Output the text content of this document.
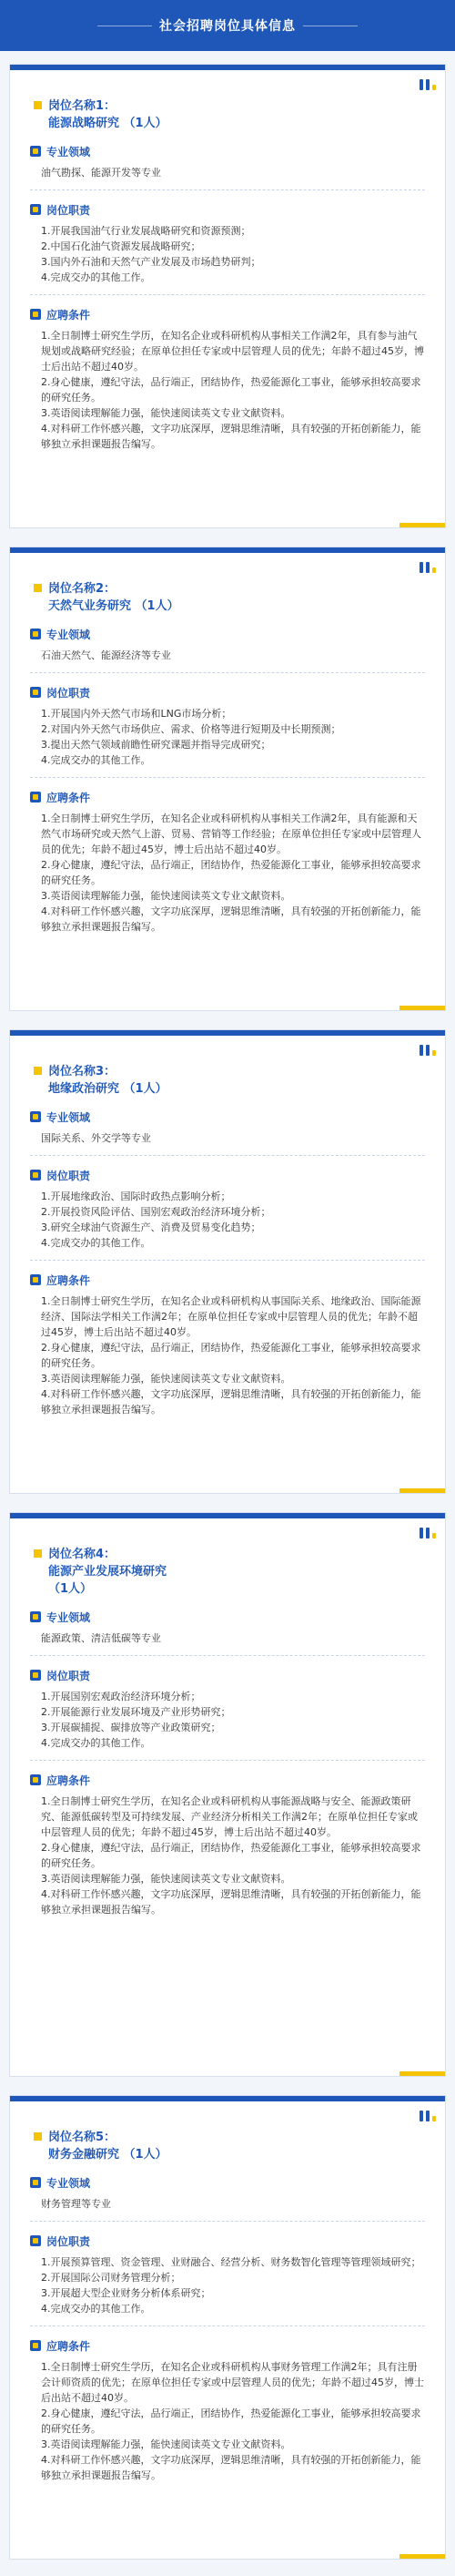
社会招聘岗位具体信息
岗位名称1：
能源战略研究 （1人）
专业领域

油气勘探、能源开发等专业

岗位职责

1.开展我国油气行业发展战略研究和资源预测；

2.中国石化油气资源发展战略研究；

3.国内外石油和天然气产业发展及市场趋势研判；

4.完成交办的其他工作。

应聘条件

1.全日制博士研究生学历，在知名企业或科研机构从事相关工作满2年，具有参与油气规划或战略研究经验；在原单位担任专家或中层管理人员的优先；年龄不超过45岁，博士后出站不超过40岁。

2.身心健康，遵纪守法，品行端正，团结协作，热爱能源化工事业，能够承担较高要求的研究任务。

3.英语阅读理解能力强，能快速阅读英文专业文献资料。

4.对科研工作怀感兴趣，文字功底深厚，逻辑思维清晰，具有较强的开拓创新能力，能够独立承担课题报告编写。

岗位名称2：
天然气业务研究 （1人）
专业领域

石油天然气、能源经济等专业

岗位职责

1.开展国内外天然气市场和LNG市场分析；

2.对国内外天然气市场供应、需求、价格等进行短期及中长期预测；

3.提出天然气领域前瞻性研究课题并指导完成研究；

4.完成交办的其他工作。

应聘条件

1.全日制博士研究生学历，在知名企业或科研机构从事相关工作满2年，具有能源和天然气市场研究或天然气上游、贸易、营销等工作经验；在原单位担任专家或中层管理人员的优先；年龄不超过45岁，博士后出站不超过40岁。

2.身心健康，遵纪守法，品行端正，团结协作，热爱能源化工事业，能够承担较高要求的研究任务。

3.英语阅读理解能力强，能快速阅读英文专业文献资料。

4.对科研工作怀感兴趣，文字功底深厚，逻辑思维清晰，具有较强的开拓创新能力，能够独立承担课题报告编写。

岗位名称3：
地缘政治研究 （1人）
专业领域

国际关系、外交学等专业

岗位职责

1.开展地缘政治、国际时政热点影响分析；

2.开展投资风险评估、国别宏观政治经济环境分析；

3.研究全球油气资源生产、消费及贸易变化趋势；

4.完成交办的其他工作。

应聘条件

1.全日制博士研究生学历，在知名企业或科研机构从事国际关系、地缘政治、国际能源经济、国际法学相关工作满2年；在原单位担任专家或中层管理人员的优先；年龄不超过45岁，博士后出站不超过40岁。

2.身心健康，遵纪守法，品行端正，团结协作，热爱能源化工事业，能够承担较高要求的研究任务。

3.英语阅读理解能力强，能快速阅读英文专业文献资料。

4.对科研工作怀感兴趣，文字功底深厚，逻辑思维清晰，具有较强的开拓创新能力，能够独立承担课题报告编写。

岗位名称4：
能源产业发展环境研究
（1人）
专业领域

能源政策、清洁低碳等专业

岗位职责

1.开展国别宏观政治经济环境分析；

2.开展能源行业发展环境及产业形势研究；

3.开展碳捕捉、碳排放等产业政策研究；

4.完成交办的其他工作。

应聘条件

1.全日制博士研究生学历，在知名企业或科研机构从事能源战略与安全、能源政策研究、能源低碳转型及可持续发展、产业经济分析相关工作满2年；在原单位担任专家或中层管理人员的优先；年龄不超过45岁，博士后出站不超过40岁。

2.身心健康，遵纪守法，品行端正，团结协作，热爱能源化工事业，能够承担较高要求的研究任务。

3.英语阅读理解能力强，能快速阅读英文专业文献资料。

4.对科研工作怀感兴趣，文字功底深厚，逻辑思维清晰，具有较强的开拓创新能力，能够独立承担课题报告编写。

岗位名称5：
财务金融研究 （1人）
专业领域

财务管理等专业

岗位职责

1.开展预算管理、资金管理、业财融合、经营分析、财务数智化管理等管理领域研究；

2.开展国际公司财务管理分析；

3.开展超大型企业财务分析体系研究；

4.完成交办的其他工作。

应聘条件

1.全日制博士研究生学历，在知名企业或科研机构从事财务管理工作满2年；具有注册会计师资质的优先；在原单位担任专家或中层管理人员的优先；年龄不超过45岁，博士后出站不超过40岁。

2.身心健康，遵纪守法，品行端正，团结协作，热爱能源化工事业，能够承担较高要求的研究任务。

3.英语阅读理解能力强，能快速阅读英文专业文献资料。

4.对科研工作怀感兴趣，文字功底深厚，逻辑思维清晰，具有较强的开拓创新能力，能够独立承担课题报告编写。
